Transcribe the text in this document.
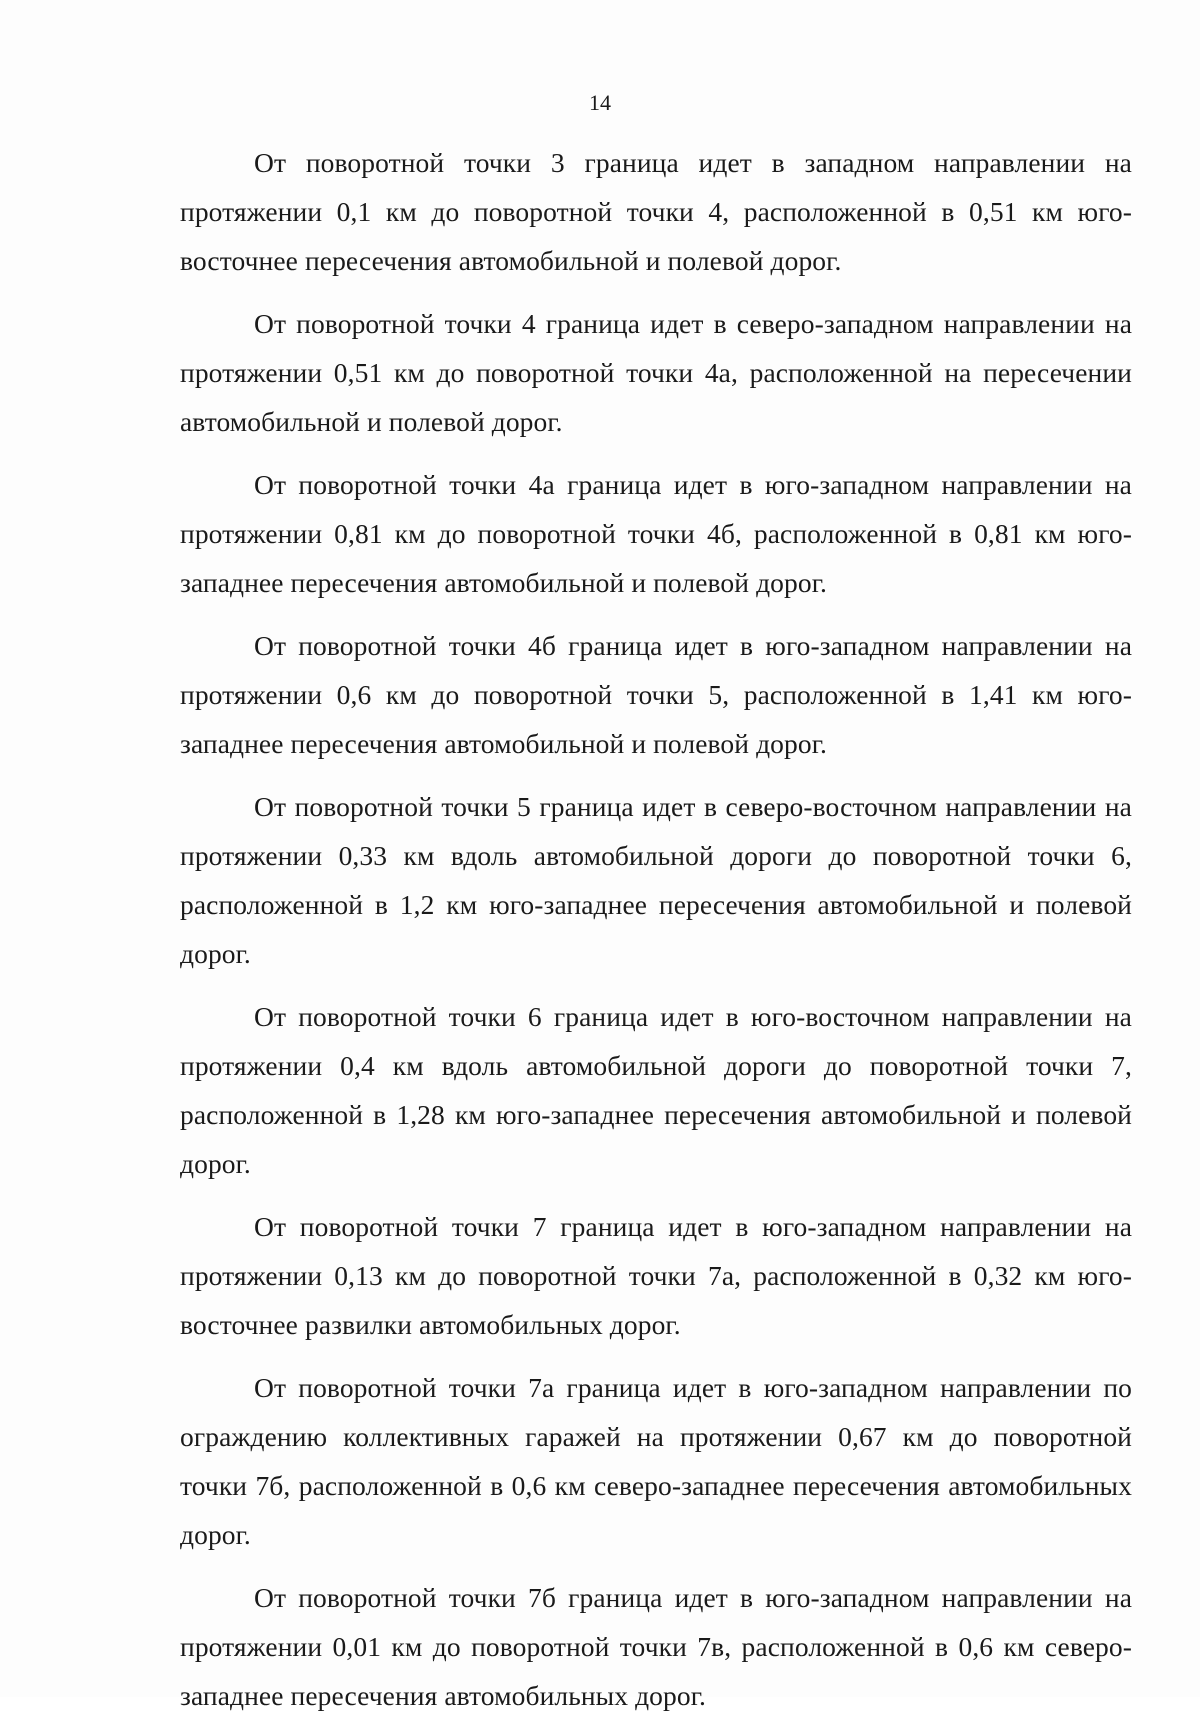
14

От поворотной точки 3 граница идет в западном направлении на протяжении 0,1 км до поворотной точки 4, расположенной в 0,51 км юго-восточнее пересечения автомобильной и полевой дорог.

От поворотной точки 4 граница идет в северо-западном направлении на протяжении 0,51 км до поворотной точки 4а, расположенной на пересечении автомобильной и полевой дорог.

От поворотной точки 4а граница идет в юго-западном направлении на протяжении 0,81 км до поворотной точки 4б, расположенной в 0,81 км юго-западнее пересечения автомобильной и полевой дорог.

От поворотной точки 4б граница идет в юго-западном направлении на протяжении 0,6 км до поворотной точки 5, расположенной в 1,41 км юго-западнее пересечения автомобильной и полевой дорог.

От поворотной точки 5 граница идет в северо-восточном направлении на протяжении 0,33 км вдоль автомобильной дороги до поворотной точки 6, расположенной в 1,2 км юго-западнее пересечения автомобильной и полевой дорог.

От поворотной точки 6 граница идет в юго-восточном направлении на протяжении 0,4 км вдоль автомобильной дороги до поворотной точки 7, расположенной в 1,28 км юго-западнее пересечения автомобильной и полевой дорог.

От поворотной точки 7 граница идет в юго-западном направлении на протяжении 0,13 км до поворотной точки 7а, расположенной в 0,32 км юго-восточнее развилки автомобильных дорог.

От поворотной точки 7а граница идет в юго-западном направлении по ограждению коллективных гаражей на протяжении 0,67 км до поворотной точки 7б, расположенной в 0,6 км северо-западнее пересечения автомобильных дорог.

От поворотной точки 7б граница идет в юго-западном направлении на протяжении 0,01 км до поворотной точки 7в, расположенной в 0,6 км северо-западнее пересечения автомобильных дорог.
